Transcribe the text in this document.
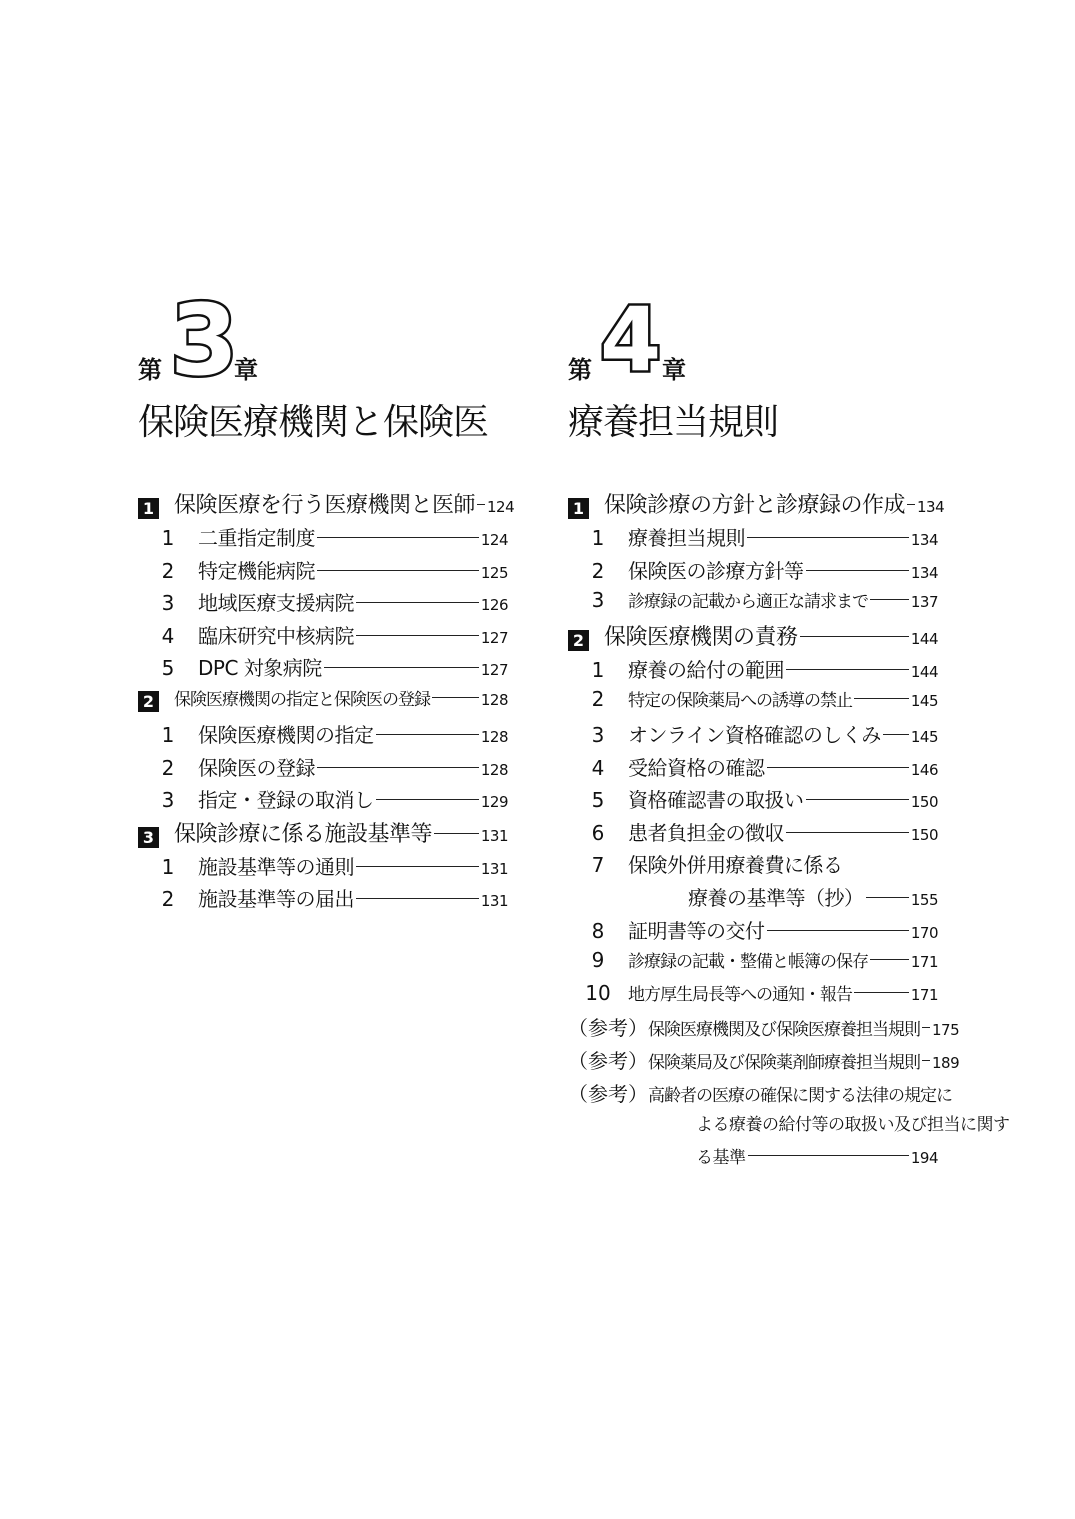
第 3
章
保険医療機関と保険医
1 保険医療を行う医療機関と医師 124
1	二重指定制度	124
2	特定機能病院	125
3	地域医療支援病院	126
4	臨床研究中核病院	127
5	DPC 対象病院	127
2	保険医療機関の指定と保険医の登録	128
1	保険医療機関の指定	128
2	保険医の登録	128
3	指定・登録の取消し	129
3 保険診療に係る施設基準等	131
1	施設基準等の通則	131
2	施設基準等の届出	131
第 4 章
療養担当規則
1 保険診療の方針と診療録の作成 134
1	療養担当規則	134
2	保険医の診療方針等	134
3	診療録の記載から適正な請求まで	137
2 保険医療機関の責務	144
1	療養の給付の範囲	144
2	特定の保険薬局への誘導の禁止	145
3	オンライン資格確認のしくみ 145
4	受給資格の確認	146
5	資格確認書の取扱い	150
6	患者負担金の徴収	150
7	保険外併用療養費に係る
療養の基準等（抄）	155
8	証明書等の交付	170
9	診療録の記載・整備と帳簿の保存	171
10	地方厚生局長等への通知・報告	171
（参考） 保険医療機関及び保険医療養担当規則 175
（参考） 保険薬局及び保険薬剤師療養担当規則 189
（参考） 高齢者の医療の確保に関する法律の規定に
よる療養の給付等の取扱い及び担当に関す
る基準	194
